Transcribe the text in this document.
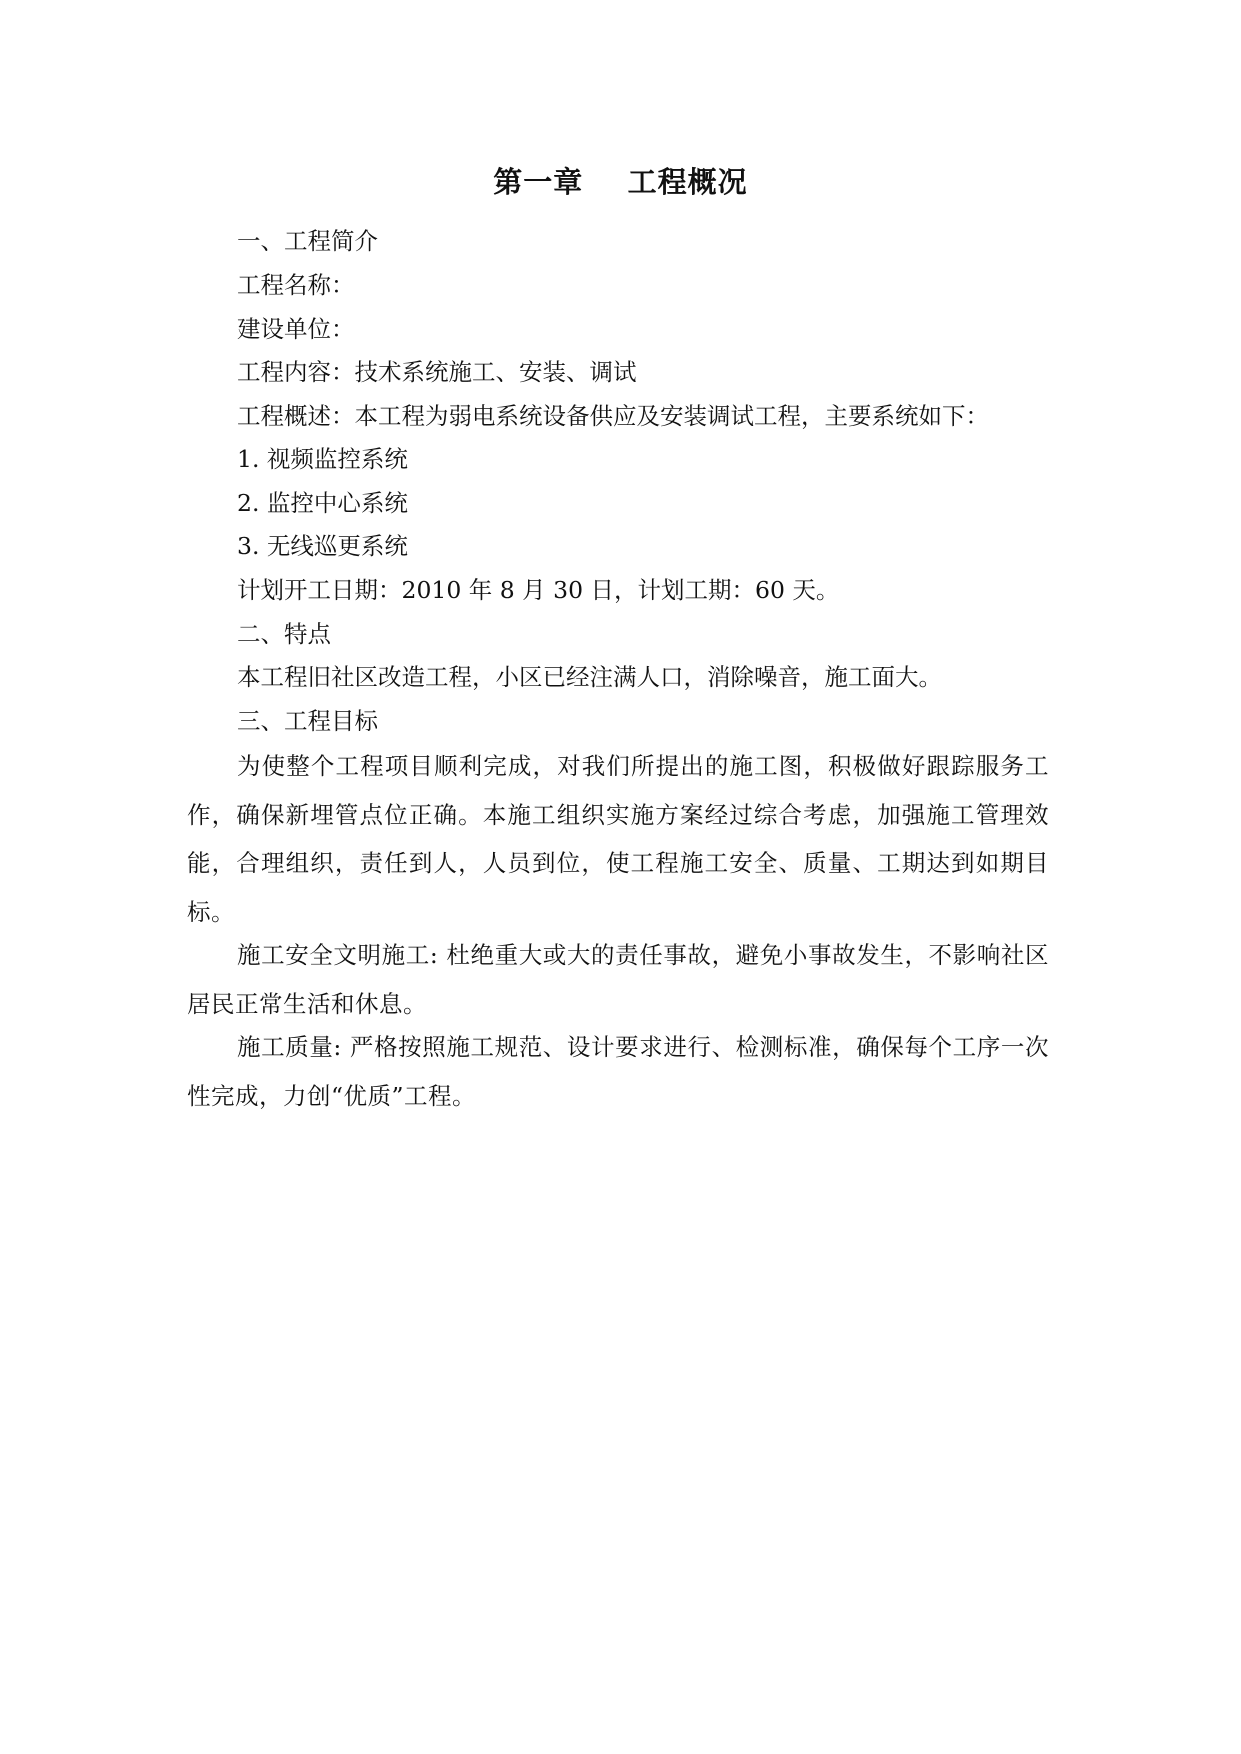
第一章    工程概况
一、工程简介
工程名称：
建设单位：
工程内容：技术系统施工、安装、调试
工程概述：本工程为弱电系统设备供应及安装调试工程，主要系统如下：
1. 视频监控系统
2. 监控中心系统
3. 无线巡更系统
计划开工日期：2010 年 8 月 30 日，计划工期：60 天。
二、特点
本工程旧社区改造工程，小区已经注满人口，消除噪音，施工面大。
三、工程目标
为使整个工程项目顺利完成，对我们所提出的施工图，积极做好跟踪服务工作，确保新埋管点位正确。本施工组织实施方案经过综合考虑，加强施工管理效能，合理组织，责任到人，人员到位，使工程施工安全、质量、工期达到如期目标。
施工安全文明施工: 杜绝重大或大的责任事故，避免小事故发生，不影响社区居民正常生活和休息。
施工质量: 严格按照施工规范、设计要求进行、检测标准，确保每个工序一次性完成，力创“优质”工程。
